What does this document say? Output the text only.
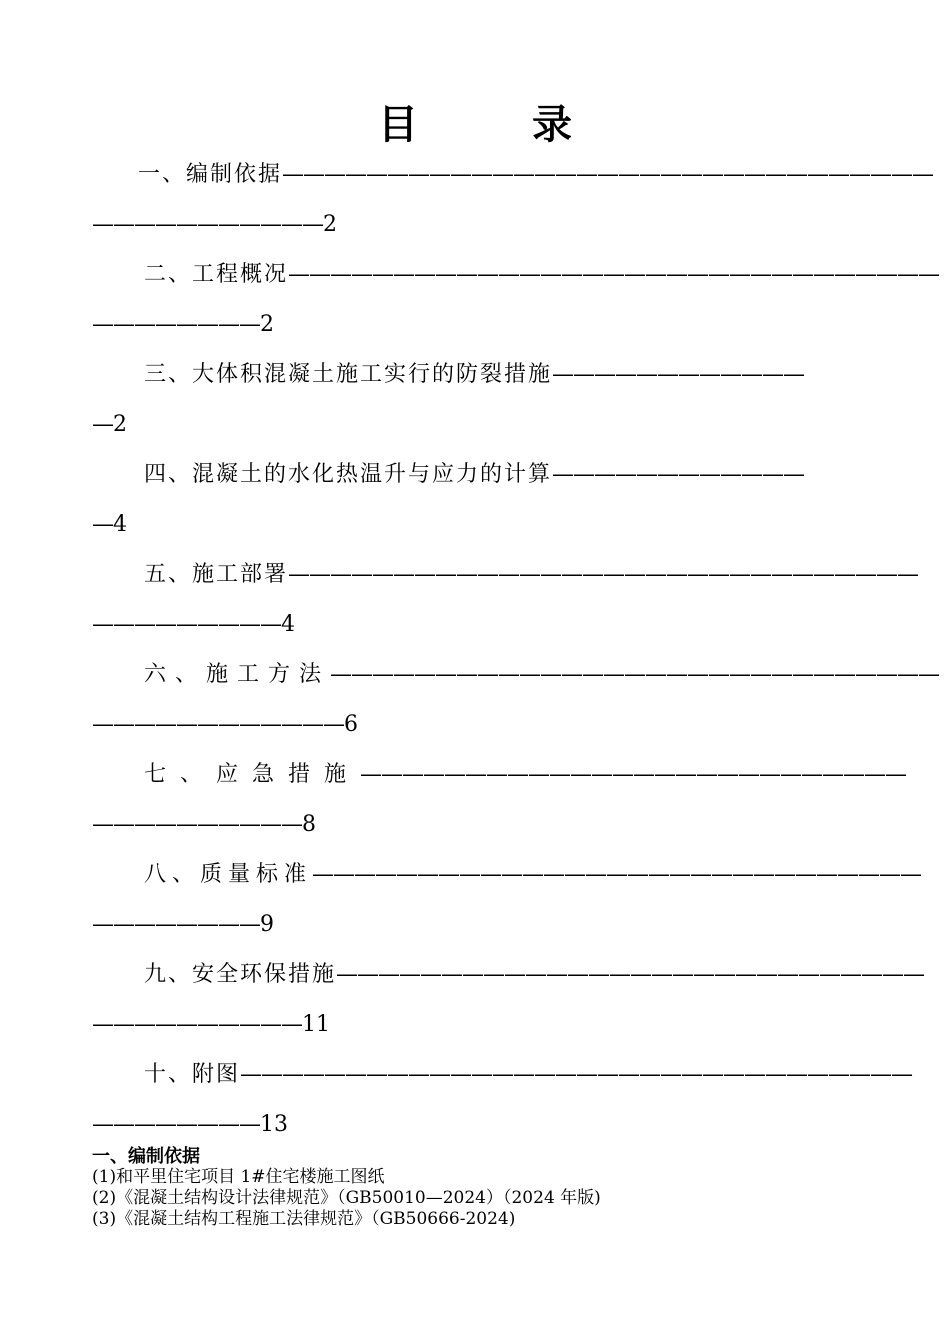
目 录
一、编制依据———————————————————————————————
———————————2
二、工程概况———————————————————————————————
————————2
三、大体积混凝土施工实行的防裂措施————————————
—2
四、混凝土的水化热温升与应力的计算————————————
—4
五、施工部署——————————————————————————————
—————————4
六、施工方法—————————————————————————————
————————————6
七、应急措施——————————————————————————
——————————8
八、质量标准—————————————————————————————
————————9
九、安全环保措施————————————————————————————
——————————11
十、附图————————————————————————————————
————————13
一、编制依据
(1)和平里住宅项目 1#住宅楼施工图纸
(2)《混凝土结构设计法律规范》（GB50010—2024）（2024 年版)
(3)《混凝土结构工程施工法律规范》（GB50666-2024)
